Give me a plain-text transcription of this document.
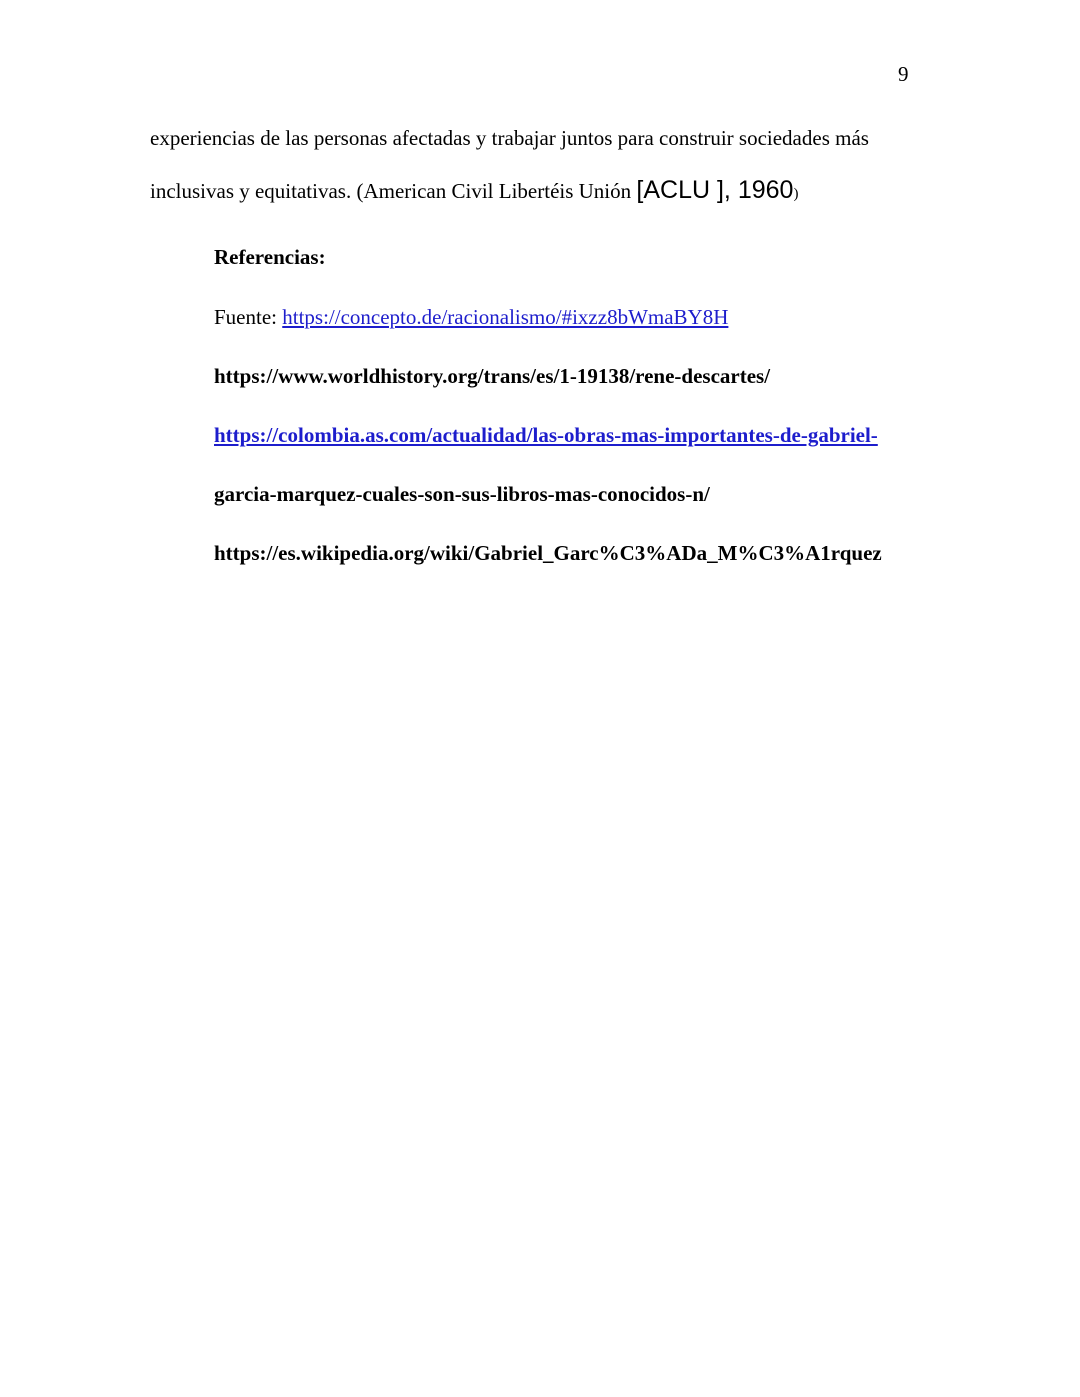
9
experiencias de las personas afectadas y trabajar juntos para construir sociedades más
inclusivas y equitativas. (American Civil Libertéis Unión [ACLU ], 1960)
Referencias:
Fuente: https://concepto.de/racionalismo/#ixzz8bWmaBY8H
https://www.worldhistory.org/trans/es/1-19138/rene-descartes/
https://colombia.as.com/actualidad/las-obras-mas-importantes-de-gabriel-
garcia-marquez-cuales-son-sus-libros-mas-conocidos-n/
https://es.wikipedia.org/wiki/Gabriel_Garc%C3%ADa_M%C3%A1rquez
